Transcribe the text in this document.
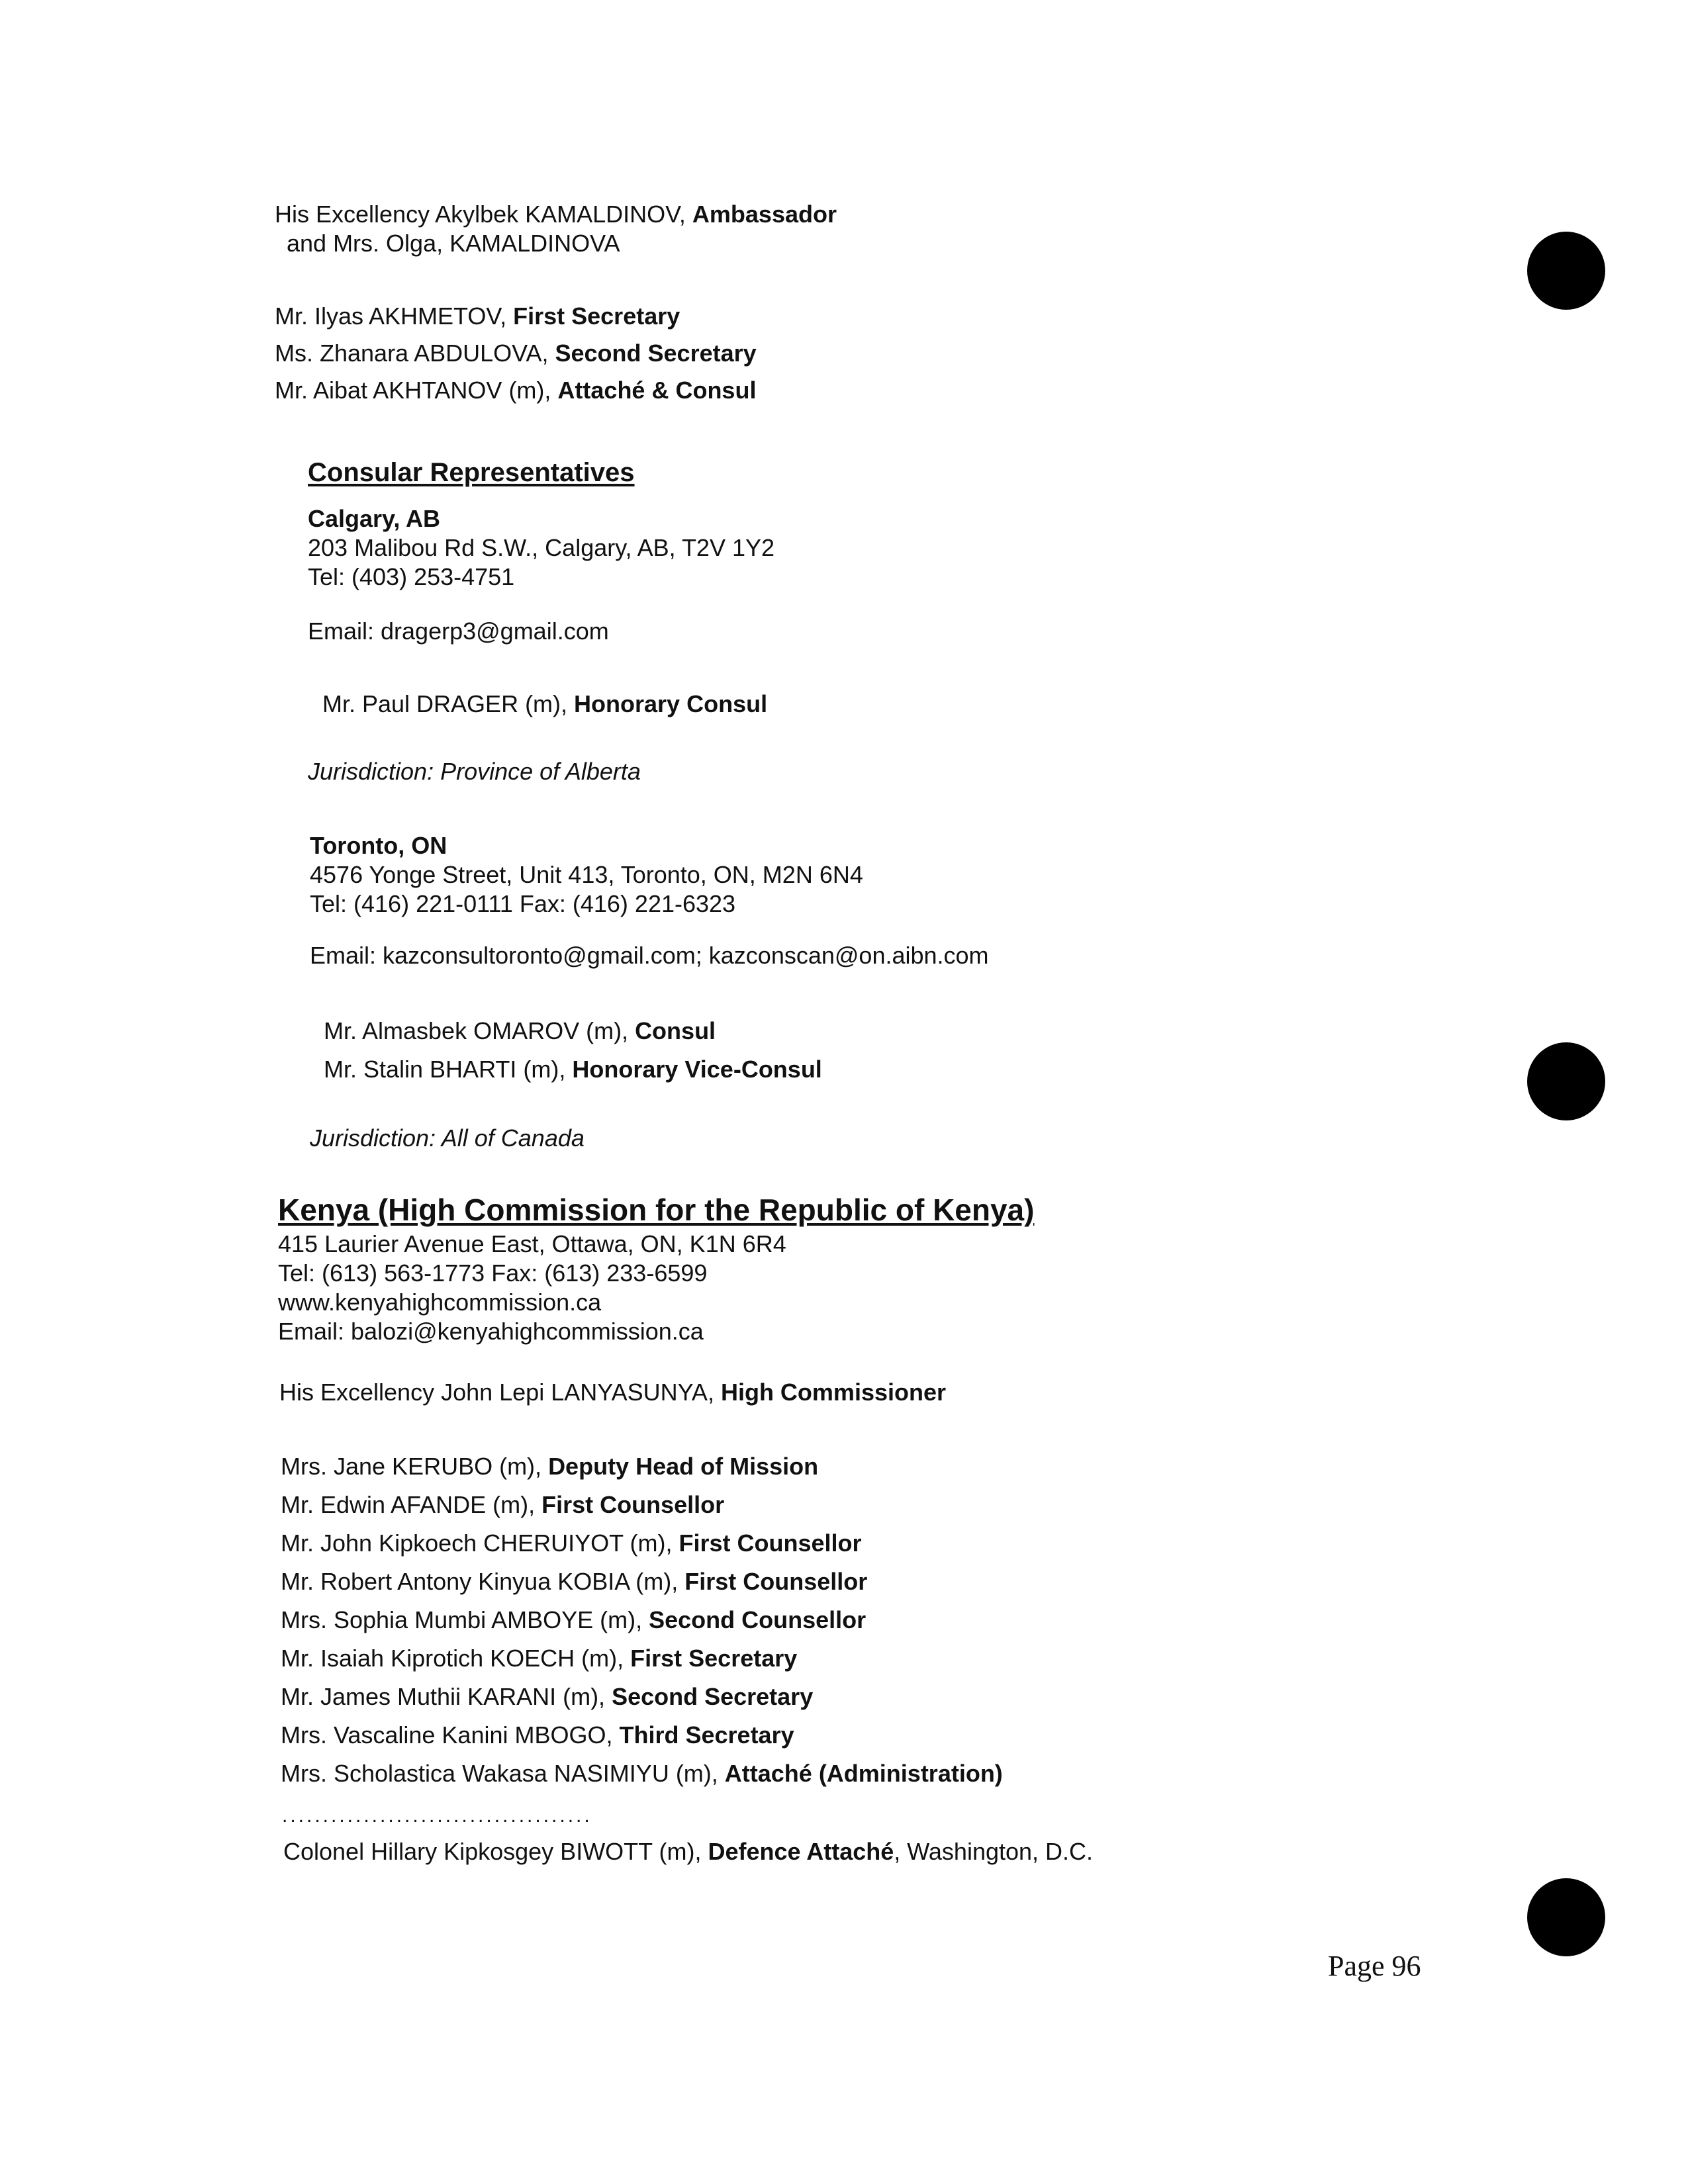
His Excellency Akylbek KAMALDINOV, Ambassador
and Mrs. Olga, KAMALDINOVA
Mr. Ilyas AKHMETOV, First Secretary
Ms. Zhanara ABDULOVA, Second Secretary
Mr. Aibat AKHTANOV (m), Attaché & Consul
Consular Representatives
Calgary, AB
203 Malibou Rd S.W., Calgary, AB, T2V 1Y2
Tel: (403) 253-4751
Email: dragerp3@gmail.com
Mr. Paul DRAGER (m), Honorary Consul
Jurisdiction: Province of Alberta
Toronto, ON
4576 Yonge Street, Unit 413, Toronto, ON, M2N 6N4
Tel: (416) 221-0111 Fax: (416) 221-6323
Email: kazconsultoronto@gmail.com; kazconscan@on.aibn.com
Mr. Almasbek OMAROV (m), Consul
Mr. Stalin BHARTI (m), Honorary Vice-Consul
Jurisdiction: All of Canada
Kenya (High Commission for the Republic of Kenya)
415 Laurier Avenue East, Ottawa, ON, K1N 6R4
Tel: (613) 563-1773 Fax: (613) 233-6599
www.kenyahighcommission.ca
Email: balozi@kenyahighcommission.ca
His Excellency John Lepi LANYASUNYA, High Commissioner
Mrs. Jane KERUBO (m), Deputy Head of Mission
Mr. Edwin AFANDE (m), First Counsellor
Mr. John Kipkoech CHERUIYOT (m), First Counsellor
Mr. Robert Antony Kinyua KOBIA (m), First Counsellor
Mrs. Sophia Mumbi AMBOYE (m), Second Counsellor
Mr. Isaiah Kiprotich KOECH (m), First Secretary
Mr. James Muthii KARANI (m), Second Secretary
Mrs. Vascaline Kanini MBOGO, Third Secretary
Mrs. Scholastica Wakasa NASIMIYU (m), Attaché (Administration)
......................................
Colonel Hillary Kipkosgey BIWOTT (m), Defence Attaché, Washington, D.C.
Page 96
